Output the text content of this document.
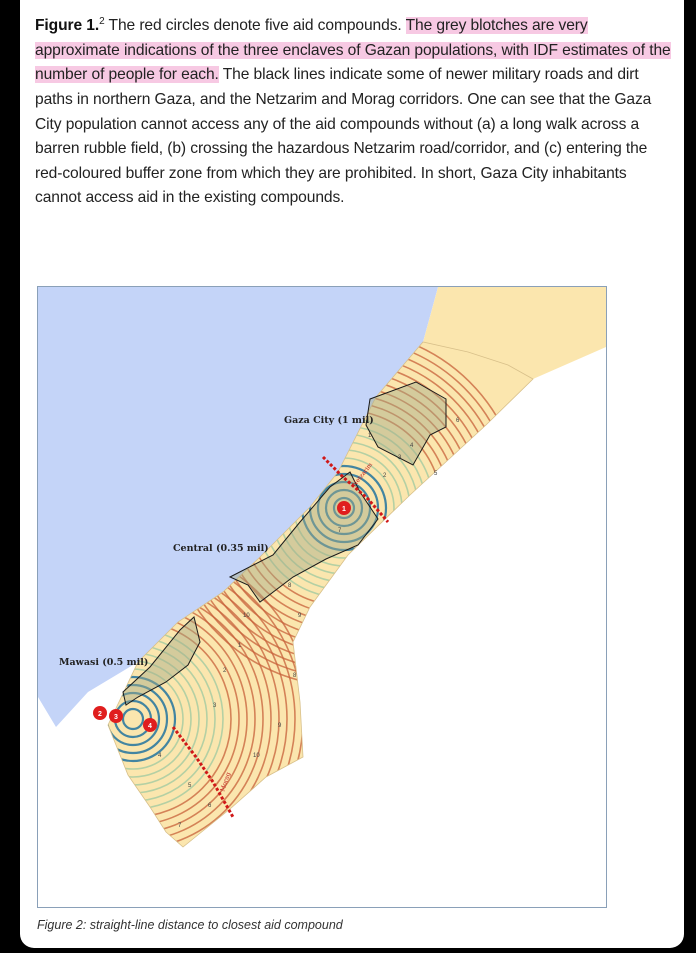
Figure 1.$^2$ The red circles denote five aid compounds. The grey blotches are very approximate indications of the three enclaves of Gazan populations, with IDF estimates of the number of people for each. The black lines indicate some of newer military roads and dirt paths in northern Gaza, and the Netzarim and Morag corridors. One can see that the Gaza City population cannot access any of the aid compounds without (a) a long walk across a barren rubble field, (b) crossing the hazardous Netzarim road/corridor, and (c) entering the red-coloured buffer zone from which they are prohibited. In short, Gaza City inhabitants cannot access aid in the existing compounds.
Netzarim
Morag
1
2 3
4
Gaza City (1 mil)
Central (0.35 mil)
Mawasi (0.5 mil)
1
2
3
4
5
6
7
8
9
10
1
2
3
4
5
6
7
8
9
10
Figure 2: straight-line distance to closest aid compound
